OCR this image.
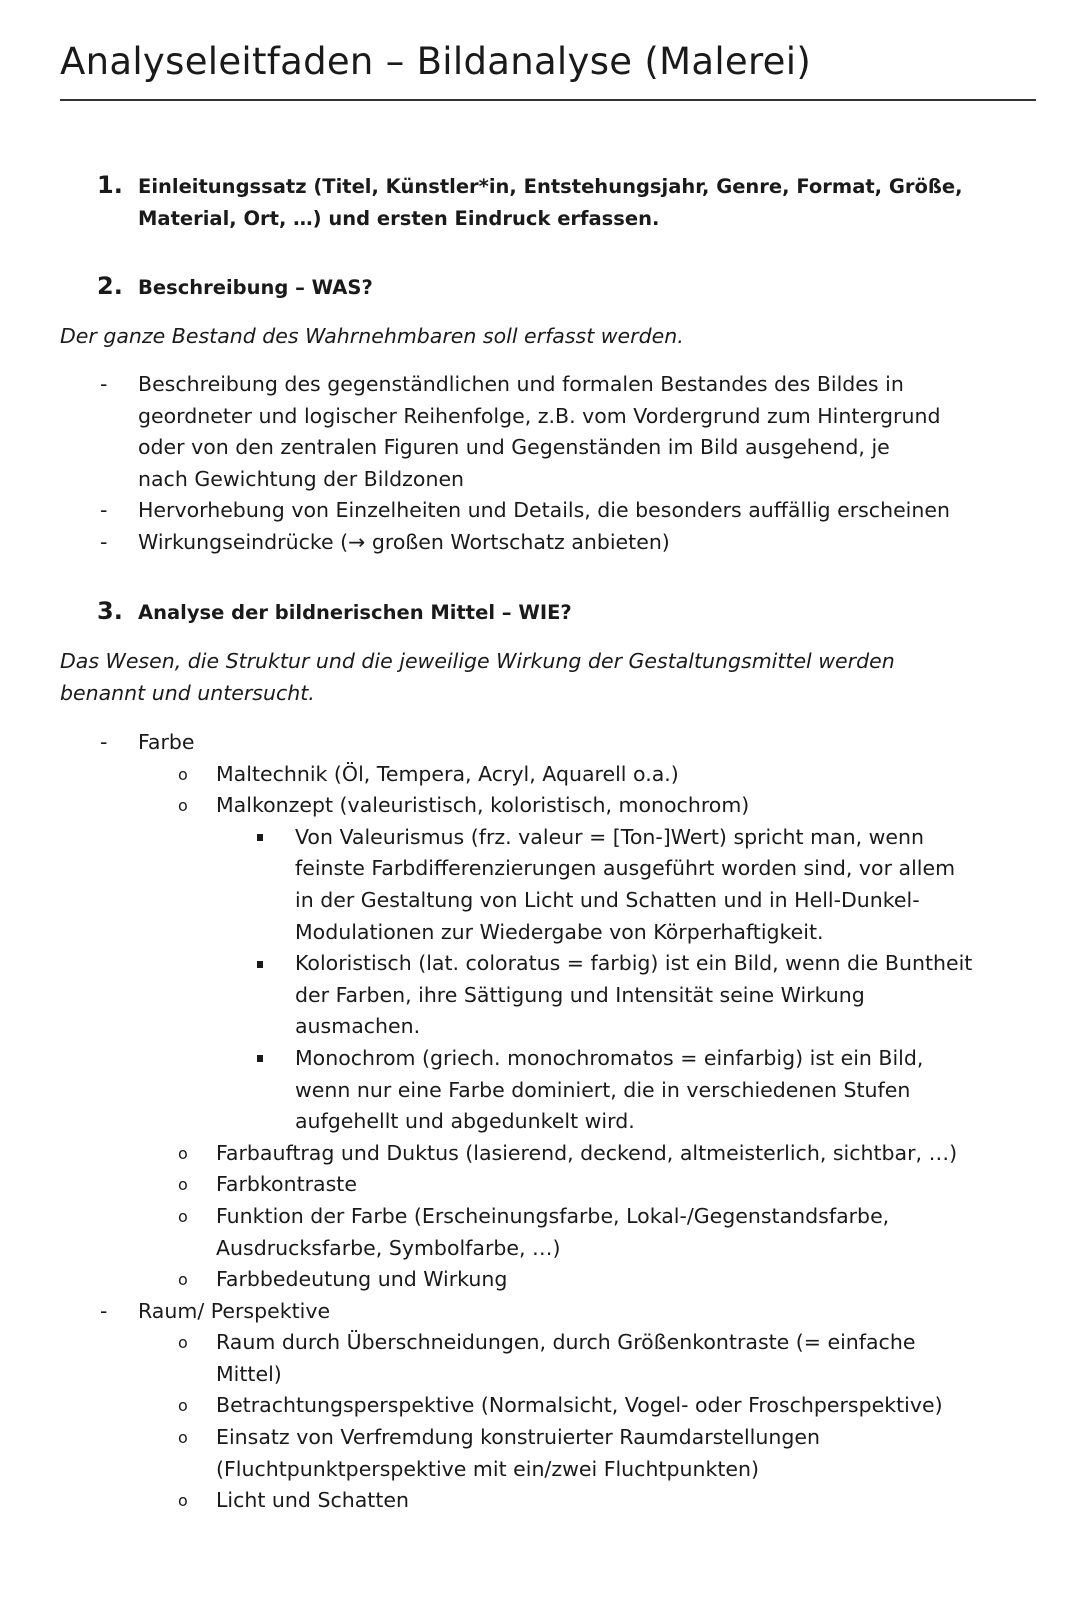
Analyseleitfaden – Bildanalyse (Malerei)
1. Einleitungssatz (Titel, Künstler*in, Entstehungsjahr, Genre, Format, Größe,
Material, Ort, …) und ersten Eindruck erfassen.
2. Beschreibung – WAS?
Der ganze Bestand des Wahrnehmbaren soll erfasst werden.
- Beschreibung des gegenständlichen und formalen Bestandes des Bildes in
geordneter und logischer Reihenfolge, z.B. vom Vordergrund zum Hintergrund
oder von den zentralen Figuren und Gegenständen im Bild ausgehend, je
nach Gewichtung der Bildzonen
- Hervorhebung von Einzelheiten und Details, die besonders auffällig erscheinen
- Wirkungseindrücke (→ großen Wortschatz anbieten)
3. Analyse der bildnerischen Mittel – WIE?
Das Wesen, die Struktur und die jeweilige Wirkung der Gestaltungsmittel werden
benannt und untersucht.
- Farbe
o Maltechnik (Öl, Tempera, Acryl, Aquarell o.a.)
o Malkonzept (valeuristisch, koloristisch, monochrom)
Von Valeurismus (frz. valeur = [Ton-]Wert) spricht man, wenn
feinste Farbdifferenzierungen ausgeführt worden sind, vor allem
in der Gestaltung von Licht und Schatten und in Hell-Dunkel-
Modulationen zur Wiedergabe von Körperhaftigkeit.
Koloristisch (lat. coloratus = farbig) ist ein Bild, wenn die Buntheit
der Farben, ihre Sättigung und Intensität seine Wirkung
ausmachen.
Monochrom (griech. monochromatos = einfarbig) ist ein Bild,
wenn nur eine Farbe dominiert, die in verschiedenen Stufen
aufgehellt und abgedunkelt wird.
o Farbauftrag und Duktus (lasierend, deckend, altmeisterlich, sichtbar, …)
o Farbkontraste
o Funktion der Farbe (Erscheinungsfarbe, Lokal-/Gegenstandsfarbe,
Ausdrucksfarbe, Symbolfarbe, …)
o Farbbedeutung und Wirkung
- Raum/ Perspektive
o Raum durch Überschneidungen, durch Größenkontraste (= einfache
Mittel)
o Betrachtungsperspektive (Normalsicht, Vogel- oder Froschperspektive)
o Einsatz von Verfremdung konstruierter Raumdarstellungen
(Fluchtpunktperspektive mit ein/zwei Fluchtpunkten)
o Licht und Schatten
